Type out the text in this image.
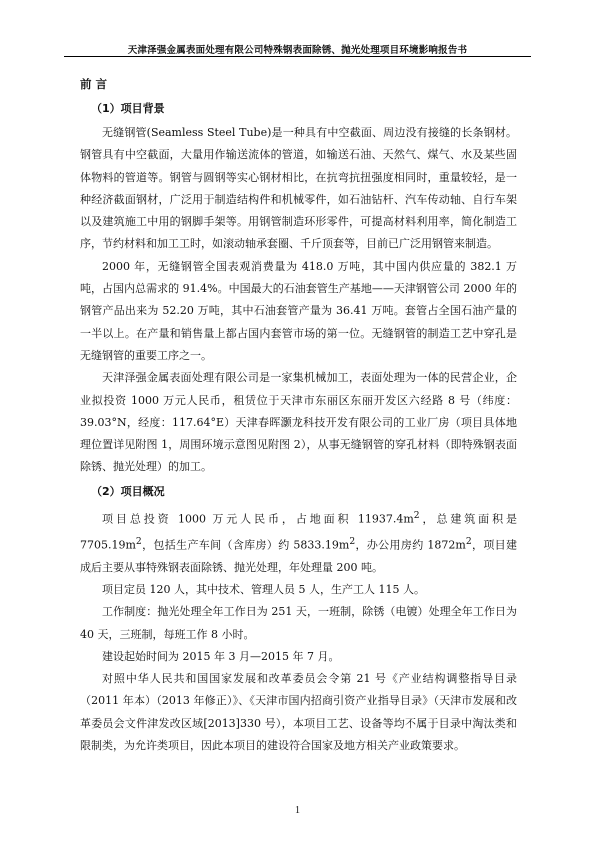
天津泽强金属表面处理有限公司特殊钢表面除锈、抛光处理项目环境影响报告书
前 言
（1）项目背景

无缝钢管(Seamless Steel Tube)是一种具有中空截面、周边没有接缝的长条钢材。钢管具有中空截面，大量用作输送流体的管道，如输送石油、天然气、煤气、水及某些固体物料的管道等。钢管与圆钢等实心钢材相比，在抗弯抗扭强度相同时，重量较轻，是一种经济截面钢材，广泛用于制造结构件和机械零件，如石油钻杆、汽车传动轴、自行车架以及建筑施工中用的钢脚手架等。用钢管制造环形零件，可提高材料利用率，简化制造工序，节约材料和加工工时，如滚动轴承套圈、千斤顶套等，目前已广泛用钢管来制造。

2000 年，无缝钢管全国表观消费量为 418.0 万吨，其中国内供应量的 382.1 万吨，占国内总需求的 91.4%。中国最大的石油套管生产基地——天津钢管公司 2000 年的钢管产品出来为 52.20 万吨，其中石油套管产量为 36.41 万吨。套管占全国石油产量的一半以上。在产量和销售量上都占国内套管市场的第一位。无缝钢管的制造工艺中穿孔是无缝钢管的重要工序之一。

天津泽强金属表面处理有限公司是一家集机械加工，表面处理为一体的民营企业，企业拟投资 1000 万元人民币，租赁位于天津市东丽区东丽开发区六经路 8 号（纬度：39.03°N，经度：117.64°E）天津春晖灏龙科技开发有限公司的工业厂房（项目具体地理位置详见附图 1，周围环境示意图见附图 2），从事无缝钢管的穿孔材料（即特殊钢表面除锈、抛光处理）的加工。

（2）项目概况

项目总投资 1000 万元人民币，占地面积 $11937.4m^2$，总建筑面积是 $7705.19m^2$，包括生产车间（含库房）约 $5833.19m^2$，办公用房约 $1872m^2$，项目建成后主要从事特殊钢表面除锈、抛光处理，年处理量 200 吨。

项目定员 120 人，其中技术、管理人员 5 人，生产工人 115 人。

工作制度：抛光处理全年工作日为 251 天，一班制，除锈（电镀）处理全年工作日为 40 天，三班制，每班工作 8 小时。

建设起始时间为 2015 年 3 月—2015 年 7 月。

对照中华人民共和国国家发展和改革委员会令第 21 号《产业结构调整指导目录（2011 年本）（2013 年修正）》、《天津市国内招商引资产业指导目录》（天津市发展和改革委员会文件津发改区域[2013]330 号），本项目工艺、设备等均不属于目录中淘汰类和限制类，为允许类项目，因此本项目的建设符合国家及地方相关产业政策要求。

1
